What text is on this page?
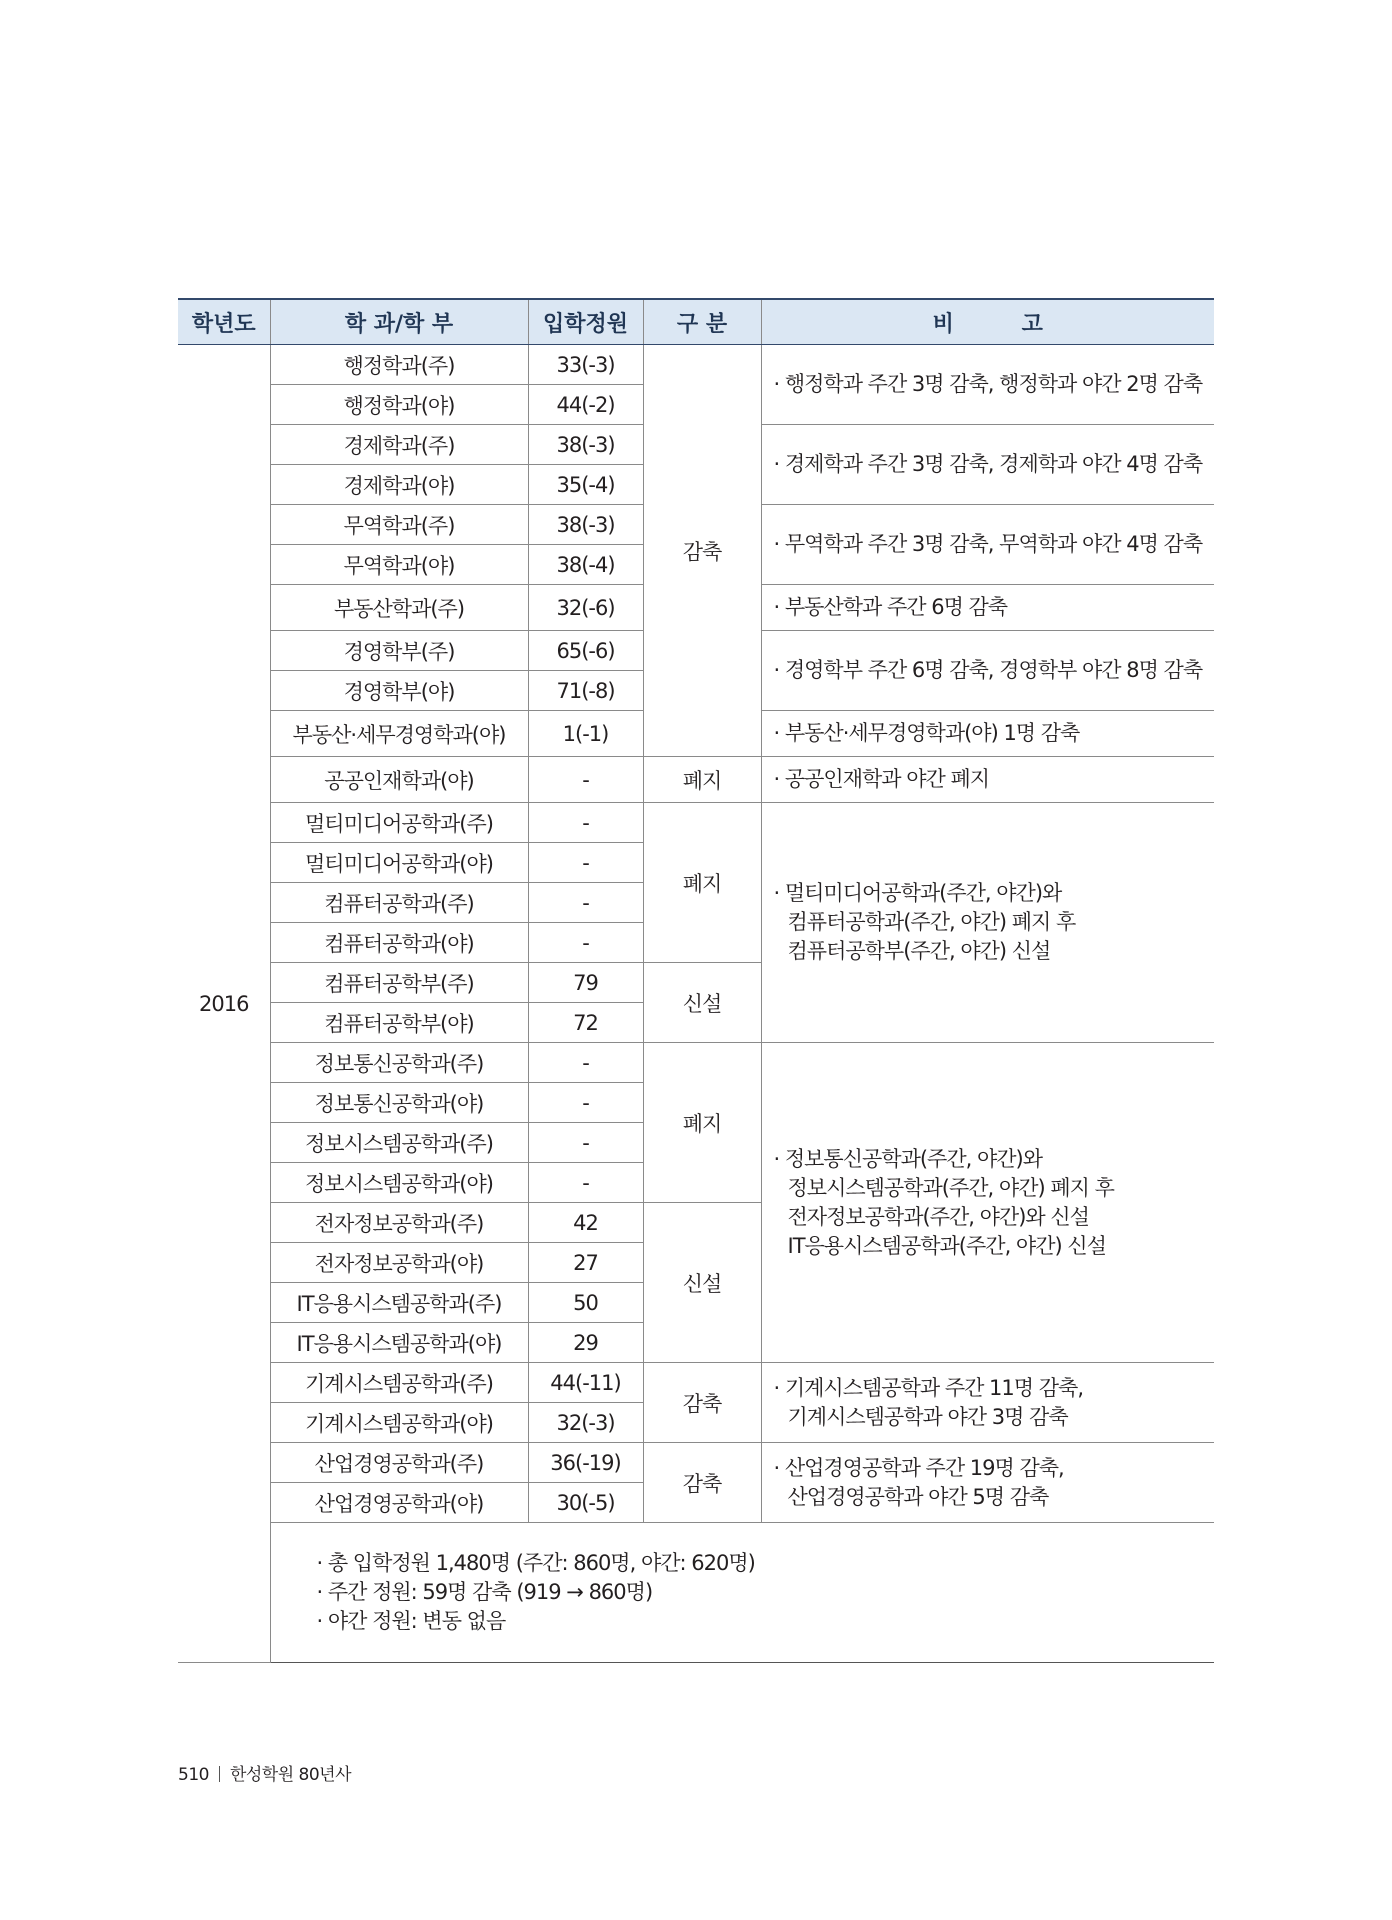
학년도	학 과/학 부	입학정원	구 분	비 고
2016	행정학과(주)	33(-3)	감축	· 행정학과 주간 3명 감축, 행정학과 야간 2명 감축

	행정학과(야)	44(-2)		
	경제학과(주)	38(-3)		· 경제학과 주간 3명 감축, 경제학과 야간 4명 감축

	경제학과(야)	35(-4)		
	무역학과(주)	38(-3)		· 무역학과 주간 3명 감축, 무역학과 야간 4명 감축

	무역학과(야)	38(-4)		
	부동산학과(주)	32(-6)		· 부동산학과 주간 6명 감축

	경영학부(주)	65(-6)		· 경영학부 주간 6명 감축, 경영학부 야간 8명 감축

	경영학부(야)	71(-8)		
	부동산·세무경영학과(야)	1(-1)		· 부동산·세무경영학과(야) 1명 감축

	공공인재학과(야)	-	폐지	· 공공인재학과 야간 폐지

	멀티미디어공학과(주)	-	폐지	· 멀티미디어공학과(주간, 야간)와
컴퓨터공학과(주간, 야간) 폐지 후
컴퓨터공학부(주간, 야간) 신설

	멀티미디어공학과(야)	-		
	컴퓨터공학과(주)	-		
	컴퓨터공학과(야)	-		
	컴퓨터공학부(주)	79	신설	
	컴퓨터공학부(야)	72		
	정보통신공학과(주)	-	폐지	· 정보통신공학과(주간, 야간)와
정보시스템공학과(주간, 야간) 폐지 후
전자정보공학과(주간, 야간)와 신설
IT응용시스템공학과(주간, 야간) 신설

	정보통신공학과(야)	-		
	정보시스템공학과(주)	-		
	정보시스템공학과(야)	-		
	전자정보공학과(주)	42	신설	
	전자정보공학과(야)	27		
	IT응용시스템공학과(주)	50		
	IT응용시스템공학과(야)	29		
	기계시스템공학과(주)	44(-11)	감축	· 기계시스템공학과 주간 11명 감축,
기계시스템공학과 야간 3명 감축

	기계시스템공학과(야)	32(-3)		
	산업경영공학과(주)	36(-19)	감축	· 산업경영공학과 주간 19명 감축,
산업경영공학과 야간 5명 감축

	산업경영공학과(야)	30(-5)		

	· 총 입학정원 1,480명 (주간: 860명, 야간: 620명)
· 주간 정원: 59명 감축 (919 → 860명)
· 야간 정원: 변동 없음			
510 한성학원 80년사
